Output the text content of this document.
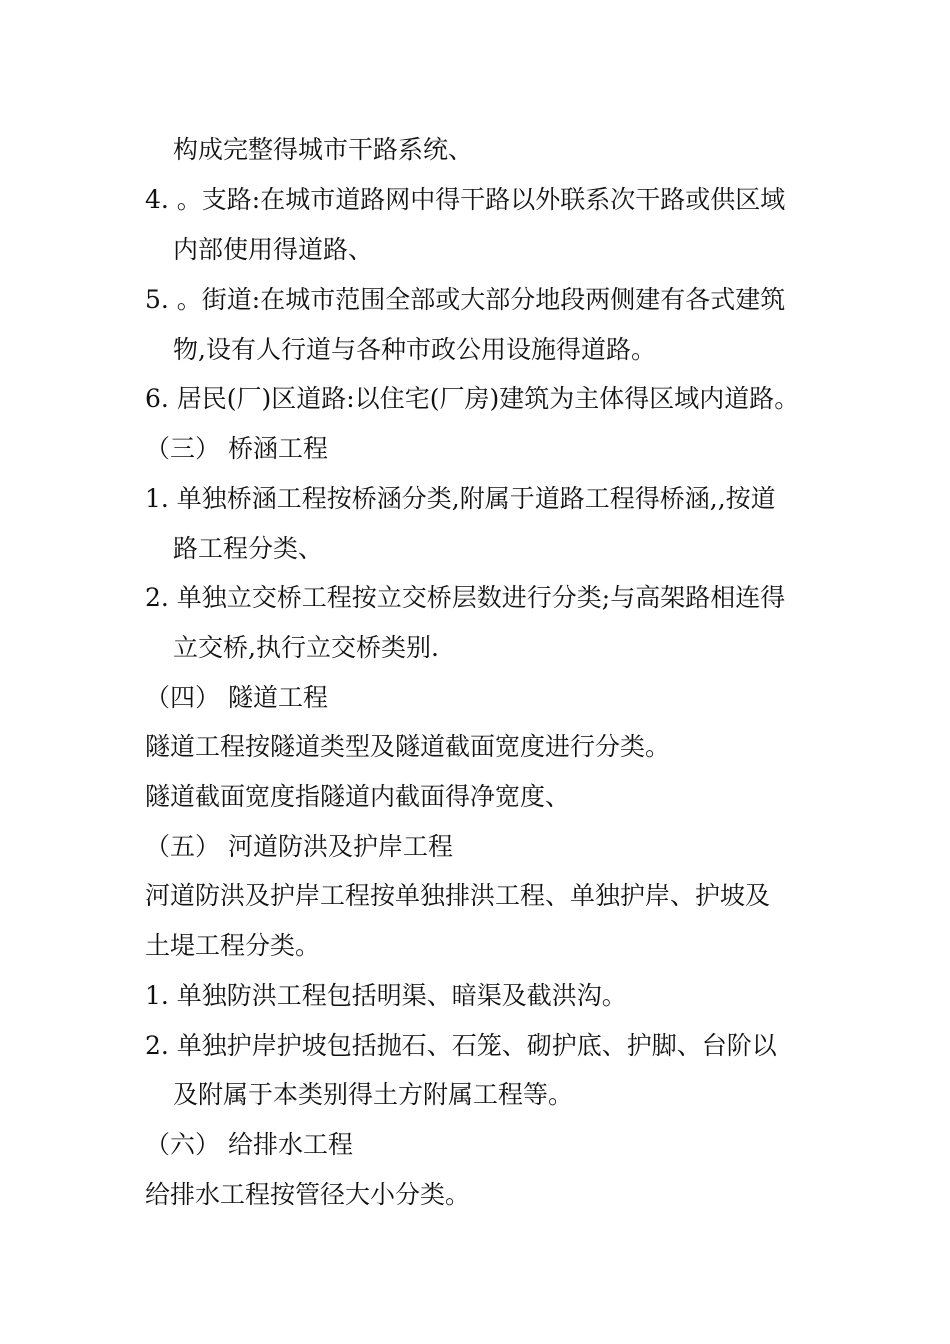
构成完整得城市干路系统、
4. 。支路:在城市道路网中得干路以外联系次干路或供区域
内部使用得道路、
5. 。街道:在城市范围全部或大部分地段两侧建有各式建筑
物,设有人行道与各种市政公用设施得道路。
6. 居民(厂)区道路:以住宅(厂房)建筑为主体得区域内道路。
（三） 桥涵工程
1. 单独桥涵工程按桥涵分类,附属于道路工程得桥涵,,按道
路工程分类、
2. 单独立交桥工程按立交桥层数进行分类;与高架路相连得
立交桥,执行立交桥类别.
（四） 隧道工程
隧道工程按隧道类型及隧道截面宽度进行分类。
隧道截面宽度指隧道内截面得净宽度、
（五） 河道防洪及护岸工程
河道防洪及护岸工程按单独排洪工程、单独护岸、护坡及
土堤工程分类。
1. 单独防洪工程包括明渠、暗渠及截洪沟。
2. 单独护岸护坡包括抛石、石笼、砌护底、护脚、台阶以
及附属于本类别得土方附属工程等。
（六） 给排水工程
给排水工程按管径大小分类。
